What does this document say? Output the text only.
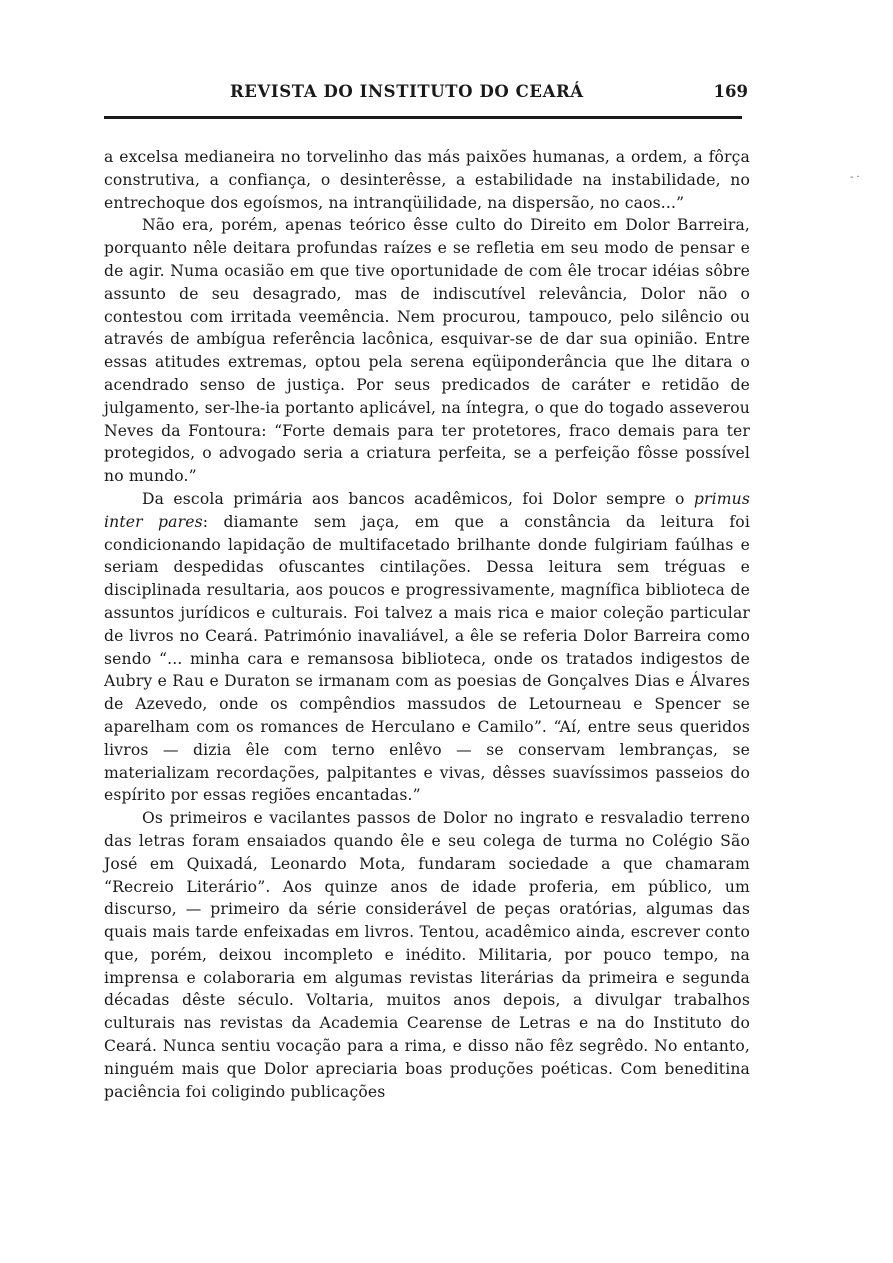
REVISTA DO INSTITUTO DO CEARÁ	169
- ·

a excelsa medianeira no torvelinho das más paixões humanas, a ordem, a fôrça construtiva, a confiança, o desinterêsse, a estabilidade na instabilidade, no entrechoque dos egoísmos, na intranqüilidade, na dispersão, no caos...”

Não era, porém, apenas teórico êsse culto do Direito em Dolor Barreira, porquanto nêle deitara profundas raízes e se refletia em seu modo de pensar e de agir. Numa ocasião em que tive oportunidade de com êle trocar idéias sôbre assunto de seu desagrado, mas de indiscutível relevância, Dolor não o contestou com irritada veemência. Nem procurou, tampouco, pelo silêncio ou através de ambígua referência lacônica, esquivar-se de dar sua opinião. Entre essas atitudes extremas, optou pela serena eqüiponderância que lhe ditara o acendrado senso de justiça. Por seus predicados de caráter e retidão de julgamento, ser-lhe-ia portanto aplicável, na íntegra, o que do togado asseverou Neves da Fontoura: “Forte demais para ter protetores, fraco demais para ter protegidos, o advogado seria a criatura perfeita, se a perfeição fôsse possível no mundo.”

Da escola primária aos bancos acadêmicos, foi Dolor sempre o primus inter pares: diamante sem jaça, em que a constância da leitura foi condicionando lapidação de multifacetado brilhante donde fulgiriam faúlhas e seriam despedidas ofuscantes cintilações. Dessa leitura sem tréguas e disciplinada resultaria, aos poucos e progressivamente, magnífica biblioteca de assuntos jurídicos e culturais. Foi talvez a mais rica e maior coleção particular de livros no Ceará. Património inavaliável, a êle se referia Dolor Barreira como sendo “... minha cara e remansosa biblioteca, onde os tratados indigestos de Aubry e Rau e Duraton se irmanam com as poesias de Gonçalves Dias e Álvares de Azevedo, onde os compêndios massudos de Letourneau e Spencer se aparelham com os romances de Herculano e Camilo”. “Aí, entre seus queridos livros — dizia êle com terno enlêvo — se conservam lembranças, se materializam recordações, palpitantes e vivas, dêsses suavíssimos passeios do espírito por essas regiões encantadas.”

Os primeiros e vacilantes passos de Dolor no ingrato e resvaladio terreno das letras foram ensaiados quando êle e seu colega de turma no Colégio São José em Quixadá, Leonardo Mota, fundaram sociedade a que chamaram “Recreio Literário”. Aos quinze anos de idade proferia, em público, um discurso, — primeiro da série considerável de peças oratórias, algumas das quais mais tarde enfeixadas em livros. Tentou, acadêmico ainda, escrever conto que, porém, deixou incompleto e inédito. Militaria, por pouco tempo, na imprensa e colaboraria em algumas revistas literárias da primeira e segunda décadas dêste século. Voltaria, muitos anos depois, a divulgar trabalhos culturais nas revistas da Academia Cearense de Letras e na do Instituto do Ceará. Nunca sentiu vocação para a rima, e disso não fêz segrêdo. No entanto, ninguém mais que Dolor apreciaria boas produções poéticas. Com beneditina paciência foi coligindo publicações
